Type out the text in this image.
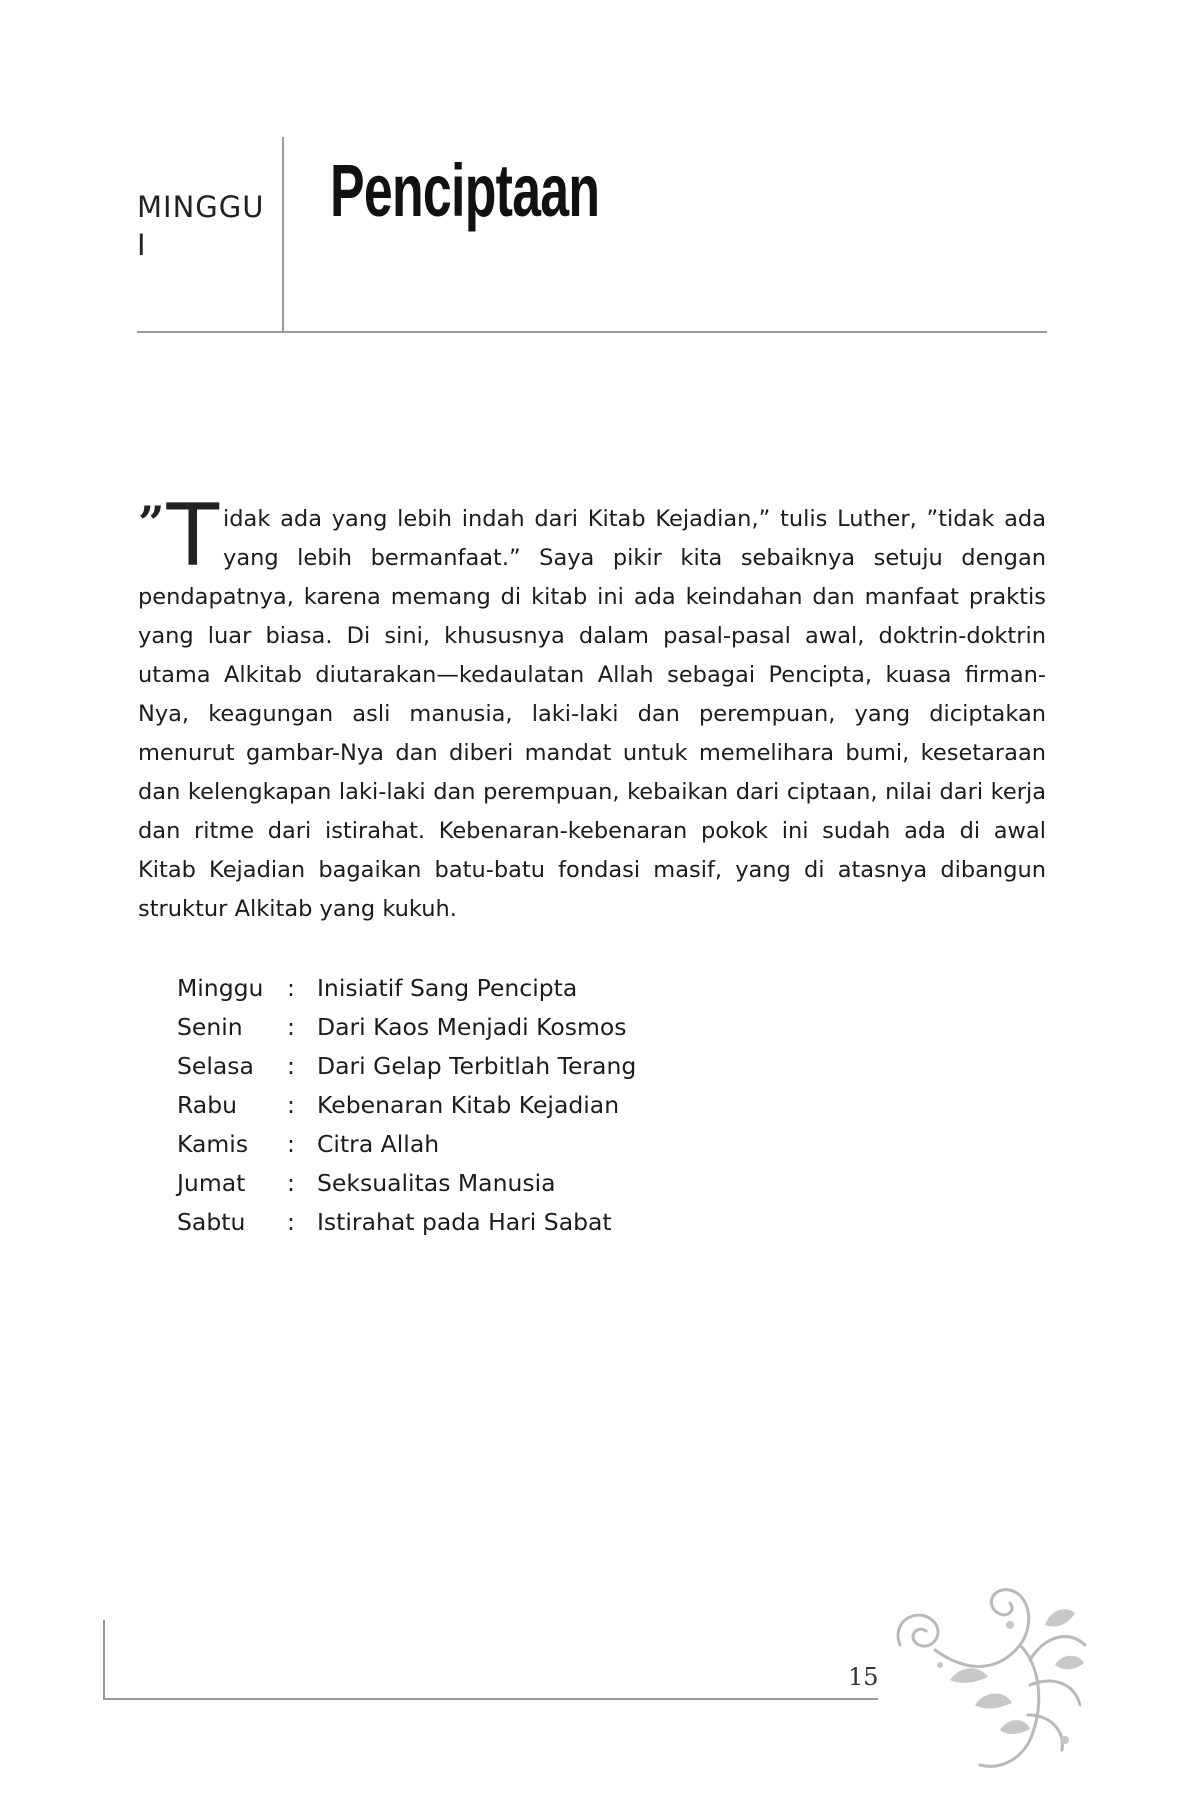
MINGGU
I
Penciptaan

” T idak ada yang lebih indah dari Kitab Kejadian,” tulis Luther, ”tidak ada yang lebih bermanfaat.” Saya pikir kita sebaiknya setuju dengan pendapatnya, karena memang di kitab ini ada keindahan dan manfaat praktis yang luar biasa. Di sini, khususnya dalam pasal-pasal awal, doktrin-doktrin utama Alkitab diutarakan—kedaulatan Allah sebagai Pencipta, kuasa firman-Nya, keagungan asli manusia, laki-laki dan perempuan, yang diciptakan menurut gambar-Nya dan diberi mandat untuk memelihara bumi, kesetaraan dan kelengkapan laki-laki dan perempuan, kebaikan dari ciptaan, nilai dari kerja dan ritme dari istirahat. Kebenaran-kebenaran pokok ini sudah ada di awal Kitab Kejadian bagaikan batu-batu fondasi masif, yang di atasnya dibangun struktur Alkitab yang kukuh.

Minggu	: Inisiatif Sang Pencipta
Senin	: Dari Kaos Menjadi Kosmos
Selasa	: Dari Gelap Terbitlah Terang
Rabu	: Kebenaran Kitab Kejadian
Kamis	: Citra Allah
Jumat	: Seksualitas Manusia
Sabtu	: Istirahat pada Hari Sabat
15
